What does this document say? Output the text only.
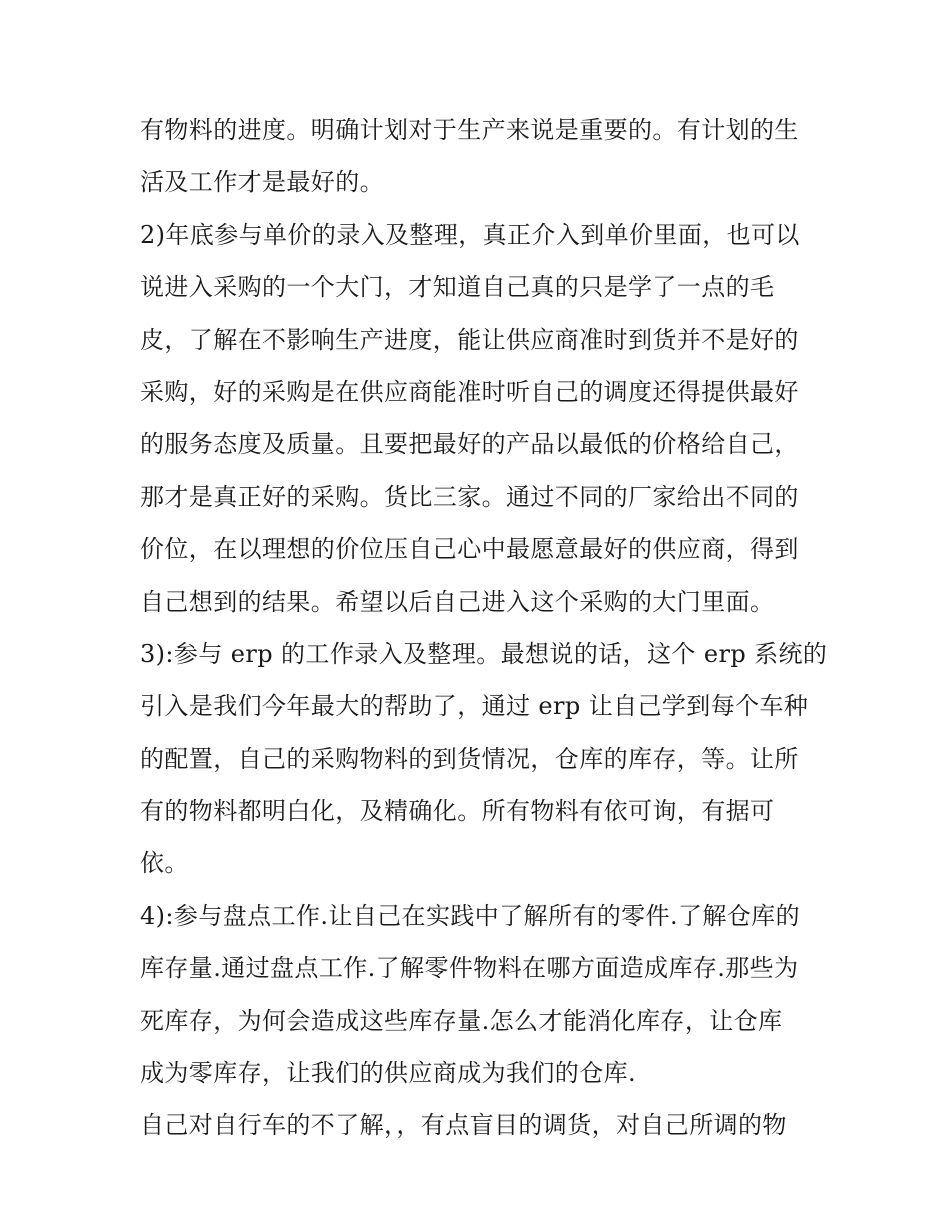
有物料的进度。明确计划对于生产来说是重要的。有计划的生
活及工作才是最好的。
2)年底参与单价的录入及整理，真正介入到单价里面，也可以
说进入采购的一个大门，才知道自己真的只是学了一点的毛
皮，了解在不影响生产进度，能让供应商准时到货并不是好的
采购，好的采购是在供应商能准时听自己的调度还得提供最好
的服务态度及质量。且要把最好的产品以最低的价格给自己，
那才是真正好的采购。货比三家。通过不同的厂家给出不同的
价位，在以理想的价位压自己心中最愿意最好的供应商，得到
自己想到的结果。希望以后自己进入这个采购的大门里面。
3):参与 erp 的工作录入及整理。最想说的话，这个 erp 系统的
引入是我们今年最大的帮助了，通过 erp 让自己学到每个车种
的配置，自己的采购物料的到货情况，仓库的库存，等。让所
有的物料都明白化，及精确化。所有物料有依可询，有据可
依。
4):参与盘点工作.让自己在实践中了解所有的零件.了解仓库的
库存量.通过盘点工作.了解零件物料在哪方面造成库存.那些为
死库存，为何会造成这些库存量.怎么才能消化库存，让仓库
成为零库存，让我们的供应商成为我们的仓库.
自己对自行车的不了解，，有点盲目的调货，对自己所调的物
